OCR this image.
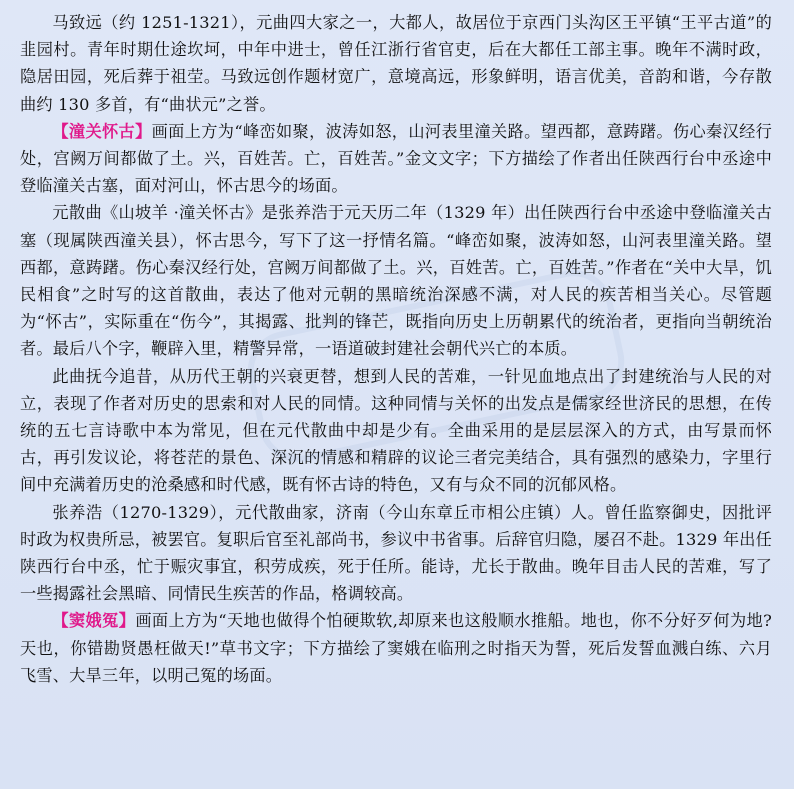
马致远（约 1251-1321），元曲四大家之一，大都人，故居位于京西门头沟区王平镇“王平古道”的韭园村。青年时期仕途坎坷，中年中进士，曾任江浙行省官吏，后在大都任工部主事。晚年不满时政，隐居田园，死后葬于祖茔。马致远创作题材宽广，意境高远，形象鲜明，语言优美，音韵和谐，今存散曲约 130 多首，有“曲状元”之誉。

【潼关怀古】画面上方为“峰峦如聚，波涛如怒，山河表里潼关路。望西都，意踌躇。伤心秦汉经行处，宫阙万间都做了土。兴，百姓苦。亡，百姓苦。”金文文字；下方描绘了作者出任陕西行台中丞途中登临潼关古塞，面对河山，怀古思今的场面。

元散曲《山坡羊 ·潼关怀古》是张养浩于元天历二年（1329 年）出任陕西行台中丞途中登临潼关古塞（现属陕西潼关县），怀古思今，写下了这一抒情名篇。“峰峦如聚，波涛如怒，山河表里潼关路。望西都，意踌躇。伤心秦汉经行处，宫阙万间都做了土。兴，百姓苦。亡，百姓苦。”作者在“关中大旱，饥民相食”之时写的这首散曲，表达了他对元朝的黑暗统治深感不满，对人民的疾苦相当关心。尽管题为“怀古”，实际重在“伤今”，其揭露、批判的锋芒，既指向历史上历朝累代的统治者，更指向当朝统治者。最后八个字，鞭辟入里，精警异常，一语道破封建社会朝代兴亡的本质。

此曲抚今追昔，从历代王朝的兴衰更替，想到人民的苦难，一针见血地点出了封建统治与人民的对立，表现了作者对历史的思索和对人民的同情。这种同情与关怀的出发点是儒家经世济民的思想，在传统的五七言诗歌中本为常见，但在元代散曲中却是少有。全曲采用的是层层深入的方式，由写景而怀古，再引发议论，将苍茫的景色、深沉的情感和精辟的议论三者完美结合，具有强烈的感染力，字里行间中充满着历史的沧桑感和时代感，既有怀古诗的特色，又有与众不同的沉郁风格。

张养浩（1270-1329），元代散曲家，济南（今山东章丘市相公庄镇）人。曾任监察御史，因批评时政为权贵所忌，被罢官。复职后官至礼部尚书，参议中书省事。后辞官归隐，屡召不赴。1329 年出任陕西行台中丞，忙于赈灾事宜，积劳成疾，死于任所。能诗，尤长于散曲。晚年目击人民的苦难，写了一些揭露社会黑暗、同情民生疾苦的作品，格调较高。

【窦娥冤】画面上方为“天地也做得个怕硬欺软,却原来也这般顺水推船。地也，你不分好歹何为地?天也，你错勘贤愚枉做天!”草书文字；下方描绘了窦娥在临刑之时指天为誓，死后发誓血溅白练、六月飞雪、大旱三年，以明己冤的场面。
